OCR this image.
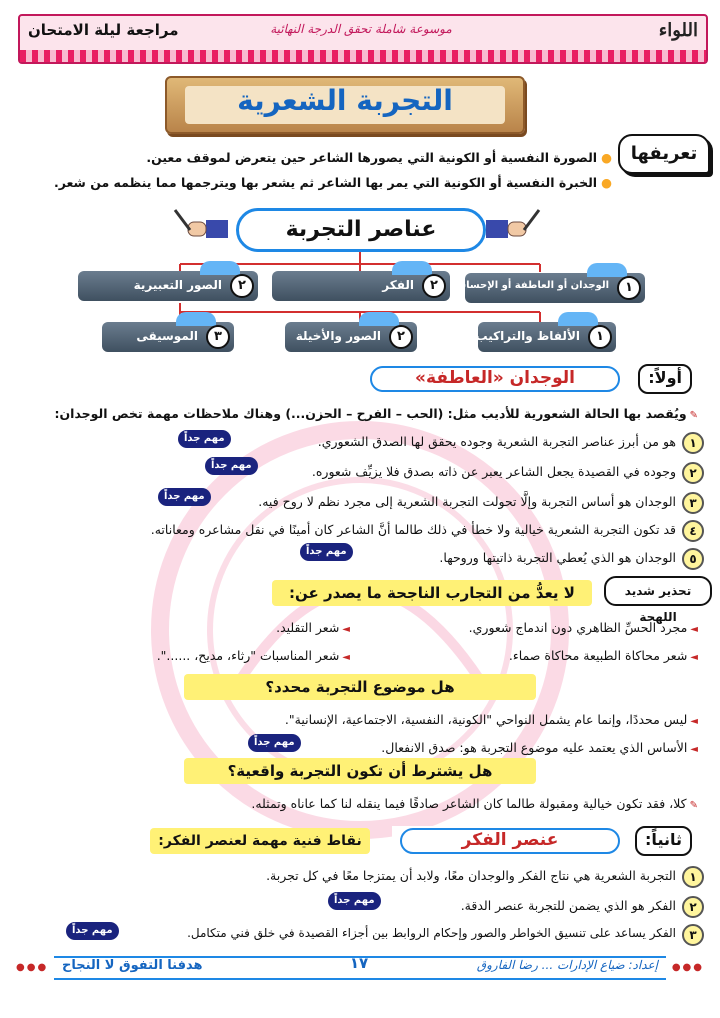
اللواء
موسوعة شاملة تحقق الدرجة النهائية
مراجعة ليلة الامتحان
التجربة الشعرية
تعريفها
●الصورة النفسية أو الكونية التي يصورها الشاعر حين يتعرض لموقف معين.
●الخبرة النفسية أو الكونية التي يمر بها الشاعر ثم يشعر بها ويترجمها مما ينظمه من شعر.
عناصر التجربة
١
الوجدان أو العاطفة أو الإحساس
٢
الفكر
٢
الصور التعبيرية
١
الألفاظ والتراكيب
٢
الصور والأخيلة
٣
الموسيقى
أولاً:
الوجدان «العاطفة»
✎ويُقصد بها الحالة الشعورية للأديب مثل: (الحب – الفرح – الحزن...) وهناك ملاحظات مهمة تخص الوجدان:
١
هو من أبرز عناصر التجربة الشعرية وجوده يحقق لها الصدق الشعوري.
مهم جداً
٢
وجوده في القصيدة يجعل الشاعر يعبر عن ذاته بصدق فلا يزيِّف شعوره.
مهم جداً
٣
الوجدان هو أساس التجربة وإلَّا تحولت التجربة الشعرية إلى مجرد نظم لا روح فيه.
مهم جداً
٤
قد تكون التجربة الشعرية خيالية ولا خطأ في ذلك طالما أنَّ الشاعر كان أمينًا في نقل مشاعره ومعاناته.
٥
الوجدان هو الذي يُعطي التجربة ذاتيتها وروحها.
مهم جداً
تحذير شديد اللهجة
لا يعدُّ من التجارب الناجحة ما يصدر عن:
◄مجرد الحسِّ الظاهري دون اندماج شعوري.
◄شعر التقليد.
◄شعر محاكاة الطبيعة محاكاة صماء.
◄شعر المناسبات "رثاء، مديح، ......".
هل موضوع التجربة محدد؟
◄ليس محددًا، وإنما عام يشمل النواحي "الكونية، النفسية، الاجتماعية، الإنسانية".
◄الأساس الذي يعتمد عليه موضوع التجربة هو: صدق الانفعال.
مهم جداً
هل يشترط أن تكون التجربة واقعية؟
✎كلا، فقد تكون خيالية ومقبولة طالما كان الشاعر صادقًا فيما ينقله لنا كما عاناه وتمثله.
ثانياً:
عنصر الفكر
نقاط فنية مهمة لعنصر الفكر:
١
التجربة الشعرية هي نتاج الفكر والوجدان معًا، ولابد أن يمتزجا معًا في كل تجربة.
٢
الفكر هو الذي يضمن للتجربة عنصر الدقة.
مهم جداً
٣
الفكر يساعد على تنسيق الخواطر والصور وإحكام الروابط بين أجزاء القصيدة في خلق فني متكامل.
مهم جداً
●●●	●●●
هدفنا التفوق لا النجاح	١٧	إعداد: ضياع الإدارات ... رضا الفاروق
